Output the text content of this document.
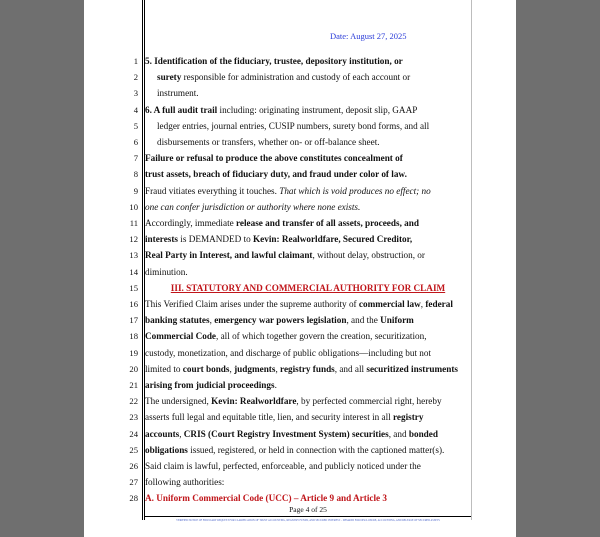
Date: August 27, 2025
1 5. Identification of the fiduciary, trustee, depository institution, or
2 surety responsible for administration and custody of each account or
3 instrument.
4 6. A full audit trail including: originating instrument, deposit slip, GAAP
5 ledger entries, journal entries, CUSIP numbers, surety bond forms, and all
6 disbursements or transfers, whether on- or off-balance sheet.
7 Failure or refusal to produce the above constitutes concealment of
8 trust assets, breach of fiduciary duty, and fraud under color of law.
9 Fraud vitiates everything it touches. That which is void produces no effect; no
10 one can confer jurisdiction or authority where none exists.
11 Accordingly, immediate release and transfer of all assets, proceeds, and
12 interests is DEMANDED to Kevin: Realworldfare, Secured Creditor,
13 Real Party in Interest, and lawful claimant, without delay, obstruction, or
14 diminution.
15	III. STATUTORY AND COMMERCIAL AUTHORITY FOR CLAIM
16 This Verified Claim arises under the supreme authority of commercial law, federal
17 banking statutes, emergency war powers legislation, and the Uniform
18 Commercial Code, all of which together govern the creation, securitization,
19 custody, monetization, and discharge of public obligations—including but not
20 limited to court bonds, judgments, registry funds, and all securitized instruments
21 arising from judicial proceedings.
22 The undersigned, Kevin: Realworldfare, by perfected commercial right, hereby
23 asserts full legal and equitable title, lien, and security interest in all registry
24 accounts, CRIS (Court Registry Investment System) securities, and bonded
25 obligations issued, registered, or held in connection with the captioned matter(s).
26 Said claim is lawful, perfected, enforceable, and publicly noticed under the
27 following authorities:
28 A. Uniform Commercial Code (UCC) – Article 9 and Article 3
Page 4 of 25
VERIFIED NOTICE OF FIDUCIARY REQUEST FOR CLARIFICATION OF TRUST ACCOUNTING, REGISTRY FUNDS, AND SECURED INTEREST – DEMAND FOR DISCLOSURE, ACCOUNTING, AND RELEASE OF SECURED ASSETS
